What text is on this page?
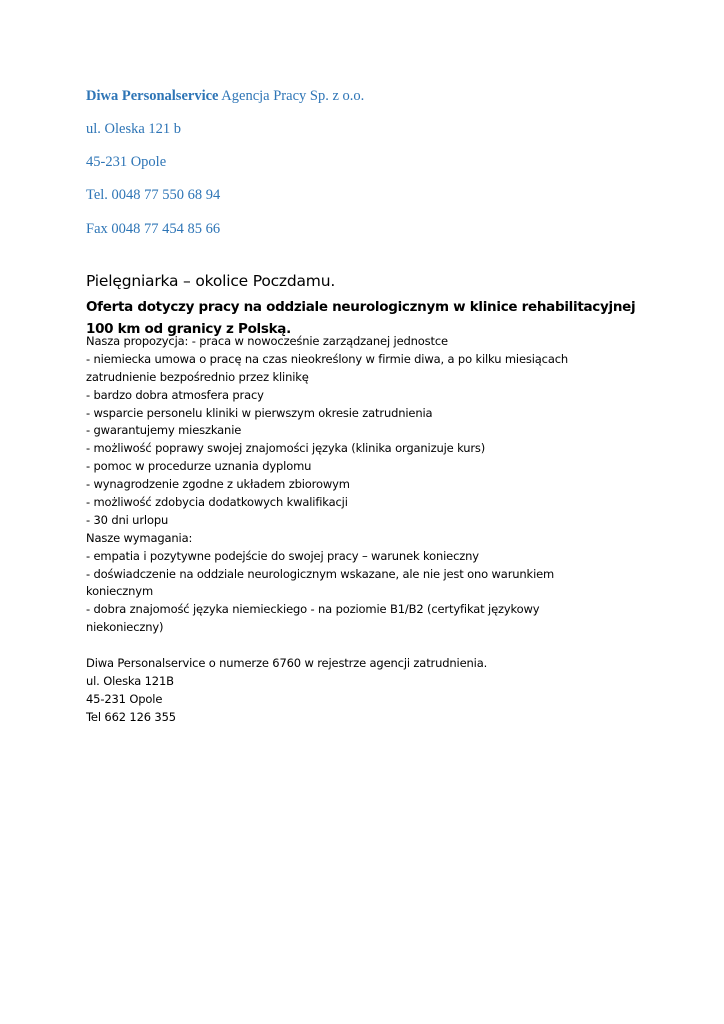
Diwa Personalservice Agencja Pracy Sp. z o.o.

ul. Oleska 121 b

45-231 Opole

Tel. 0048 77 550 68 94

Fax 0048 77 454 85 66

Pielęgniarka – okolice Poczdamu.
Oferta dotyczy pracy na oddziale neurologicznym w klinice rehabilitacyjnej 100 km od granicy z Polską.
Nasza propozycja: - praca w nowocześnie zarządzanej jednostce
- niemiecka umowa o pracę na czas nieokreślony w firmie diwa, a po kilku miesiącach
zatrudnienie bezpośrednio przez klinikę
- bardzo dobra atmosfera pracy
- wsparcie personelu kliniki w pierwszym okresie zatrudnienia
- gwarantujemy mieszkanie
- możliwość poprawy swojej znajomości języka (klinika organizuje kurs)
- pomoc w procedurze uznania dyplomu
- wynagrodzenie zgodne z układem zbiorowym
- możliwość zdobycia dodatkowych kwalifikacji
- 30 dni urlopu
Nasze wymagania:
- empatia i pozytywne podejście do swojej pracy – warunek konieczny
- doświadczenie na oddziale neurologicznym wskazane, ale nie jest ono warunkiem
koniecznym
- dobra znajomość języka niemieckiego - na poziomie B1/B2 (certyfikat językowy
niekonieczny)
Diwa Personalservice o numerze 6760 w rejestrze agencji zatrudnienia.
ul. Oleska 121B
45-231 Opole
Tel 662 126 355
